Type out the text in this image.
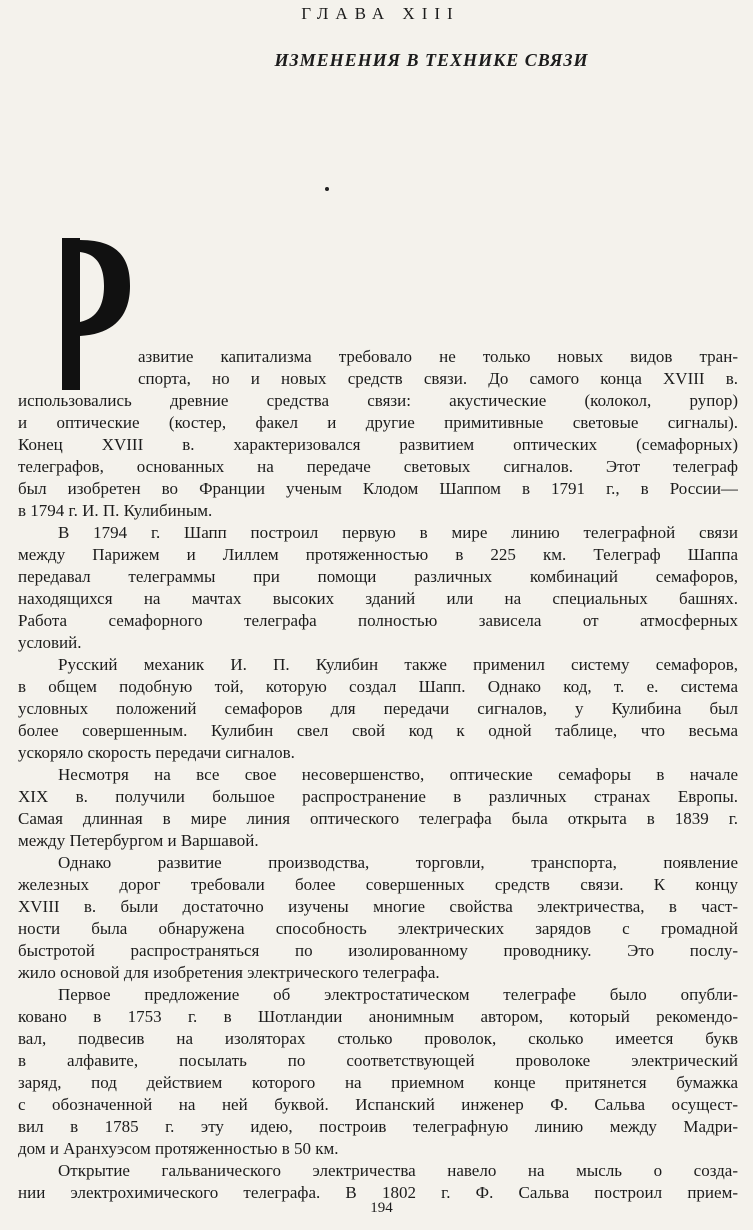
ГЛАВА XIII
ИЗМЕНЕНИЯ В ТЕХНИКЕ СВЯЗИ
азвитие капитализма требовало не только новых видов тран-
спорта, но и новых средств связи. До самого конца XVIII в.
использовались древние средства связи: акустические (колокол, рупор)
и оптические (костер, факел и другие примитивные световые сигналы).
Конец XVIII в. характеризовался развитием оптических (семафорных)
телеграфов, основанных на передаче световых сигналов. Этот телеграф
был изобретен во Франции ученым Клодом Шаппом в 1791 г., в России—
в 1794 г. И. П. Кулибиным.
В 1794 г. Шапп построил первую в мире линию телеграфной связи
между Парижем и Лиллем протяженностью в 225 км. Телеграф Шаппа
передавал телеграммы при помощи различных комбинаций семафоров,
находящихся на мачтах высоких зданий или на специальных башнях.
Работа семафорного телеграфа полностью зависела от атмосферных
условий.
Русский механик И. П. Кулибин также применил систему семафоров,
в общем подобную той, которую создал Шапп. Однако код, т. е. система
условных положений семафоров для передачи сигналов, у Кулибина был
более совершенным. Кулибин свел свой код к одной таблице, что весьма
ускоряло скорость передачи сигналов.
Несмотря на все свое несовершенство, оптические семафоры в начале
XIX в. получили большое распространение в различных странах Европы.
Самая длинная в мире линия оптического телеграфа была открыта в 1839 г.
между Петербургом и Варшавой.
Однако развитие производства, торговли, транспорта, появление
железных дорог требовали более совершенных средств связи. К концу
XVIII в. были достаточно изучены многие свойства электричества, в част-
ности была обнаружена способность электрических зарядов с громадной
быстротой распространяться по изолированному проводнику. Это послу-
жило основой для изобретения электрического телеграфа.
Первое предложение об электростатическом телеграфе было опубли-
ковано в 1753 г. в Шотландии анонимным автором, который рекомендо-
вал, подвесив на изоляторах столько проволок, сколько имеется букв
в алфавите, посылать по соответствующей проволоке электрический
заряд, под действием которого на приемном конце притянется бумажка
с обозначенной на ней буквой. Испанский инженер Ф. Сальва осущест-
вил в 1785 г. эту идею, построив телеграфную линию между Мадри-
дом и Аранхуэсом протяженностью в 50 км.
Открытие гальванического электричества навело на мысль о созда-
нии электрохимического телеграфа. В 1802 г. Ф. Сальва построил прием-
194
